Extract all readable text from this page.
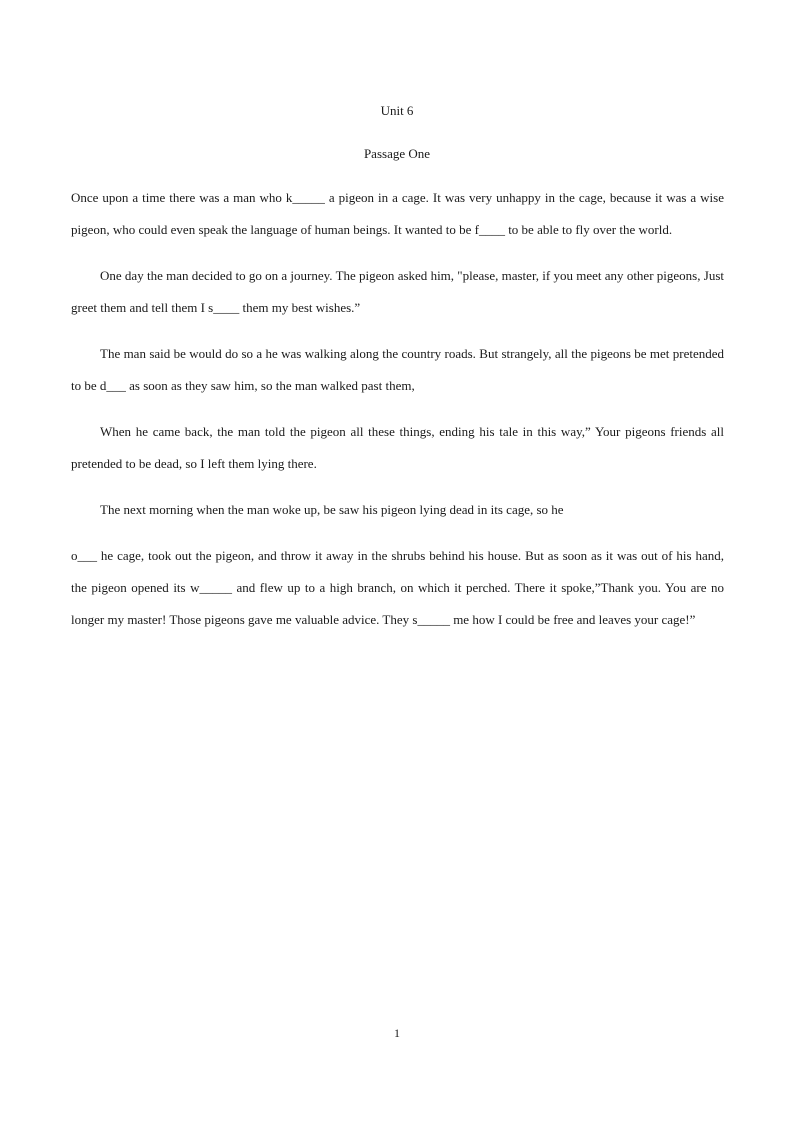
Unit 6
Passage One

Once upon a time there was a man who k_____ a pigeon in a cage. It was very unhappy in the cage, because it was a wise pigeon, who could even speak the language of human beings. It wanted to be f____ to be able to fly over the world.

One day the man decided to go on a journey. The pigeon asked him, "please, master, if you meet any other pigeons, Just greet them and tell them I s____ them my best wishes.”

The man said be would do so a he was walking along the country roads. But strangely, all the pigeons be met pretended to be d___ as soon as they saw him, so the man walked past them,

When he came back, the man told the pigeon all these things, ending his tale in this way,” Your pigeons friends all pretended to be dead, so I left them lying there.

The next morning when the man woke up, be saw his pigeon lying dead in its cage, so he

o___ he cage, took out the pigeon, and throw it away in the shrubs behind his house. But as soon as it was out of his hand, the pigeon opened its w_____ and flew up to a high branch, on which it perched. There it spoke,”Thank you. You are no longer my master! Those pigeons gave me valuable advice. They s_____ me how I could be free and leaves your cage!”

1
